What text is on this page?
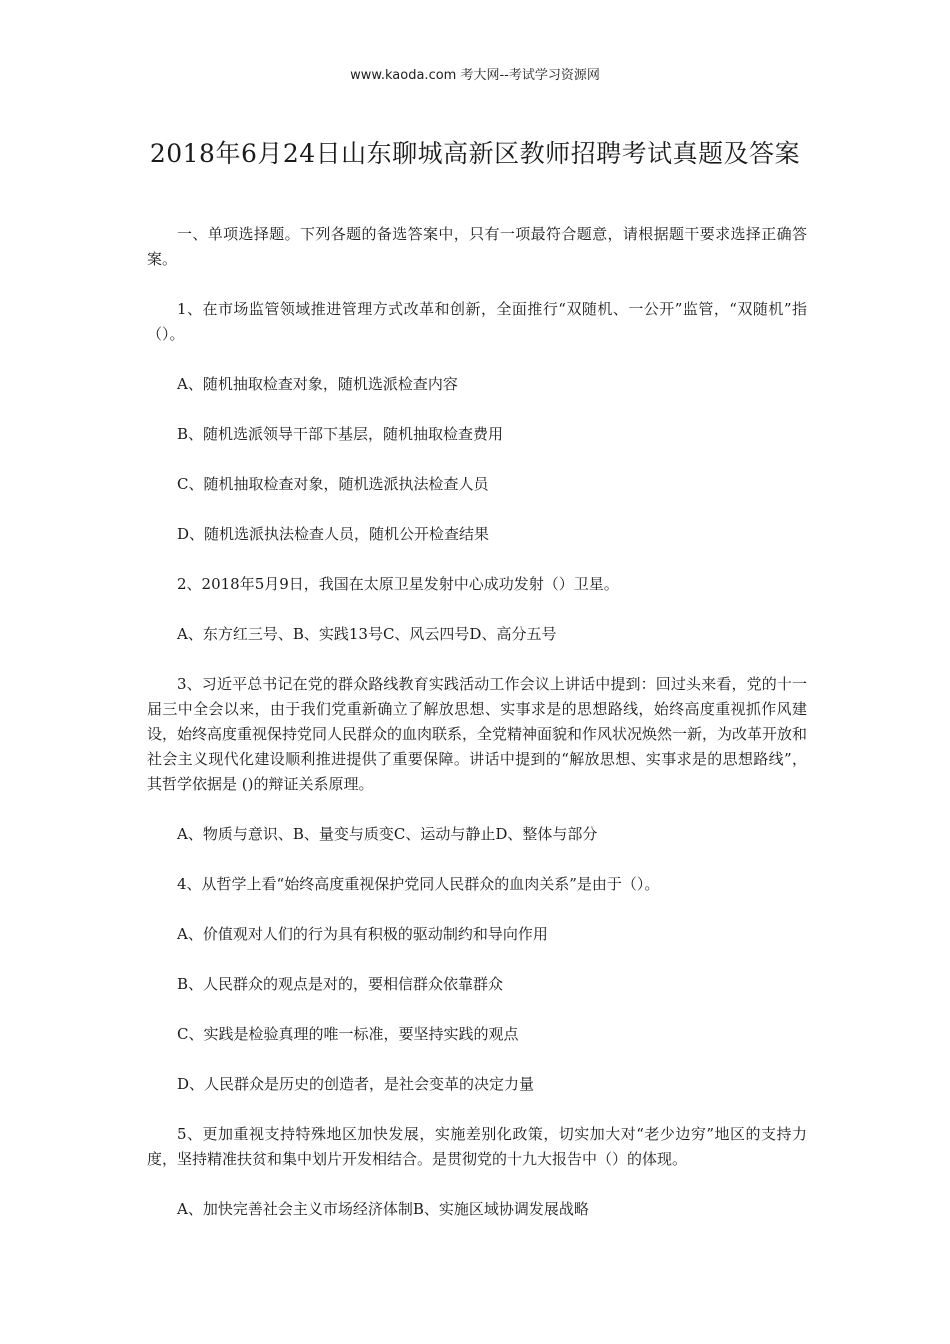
www.kaoda.com 考大网--考试学习资源网
2018年6月24日山东聊城高新区教师招聘考试真题及答案

一、单项选择题。下列各题的备选答案中，只有一项最符合题意，请根据题干要求选择正确答案。

1、在市场监管领域推进管理方式改革和创新，全面推行“双随机、一公开”监管，“双随机”指（）。

A、随机抽取检查对象，随机选派检查内容

B、随机选派领导干部下基层，随机抽取检查费用

C、随机抽取检查对象，随机选派执法检查人员

D、随机选派执法检查人员，随机公开检查结果

2、2018年5月9日，我国在太原卫星发射中心成功发射（）卫星。

A、东方红三号、B、实践13号C、风云四号D、高分五号

3、习近平总书记在党的群众路线教育实践活动工作会议上讲话中提到：回过头来看，党的十一届三中全会以来，由于我们党重新确立了解放思想、实事求是的思想路线，始终高度重视抓作风建设，始终高度重视保持党同人民群众的血肉联系，全党精神面貌和作风状况焕然一新，为改革开放和社会主义现代化建设顺利推进提供了重要保障。讲话中提到的“解放思想、实事求是的思想路线”，其哲学依据是 ()的辩证关系原理。

A、物质与意识、B、量变与质变C、运动与静止D、整体与部分

4、从哲学上看“始终高度重视保护党同人民群众的血肉关系”是由于（）。

A、价值观对人们的行为具有积极的驱动制约和导向作用

B、人民群众的观点是对的，要相信群众依靠群众

C、实践是检验真理的唯一标准，要坚持实践的观点

D、人民群众是历史的创造者，是社会变革的决定力量

5、更加重视支持特殊地区加快发展，实施差别化政策，切实加大对“老少边穷”地区的支持力度，坚持精准扶贫和集中划片开发相结合。是贯彻党的十九大报告中（）的体现。

A、加快完善社会主义市场经济体制B、实施区域协调发展战略
